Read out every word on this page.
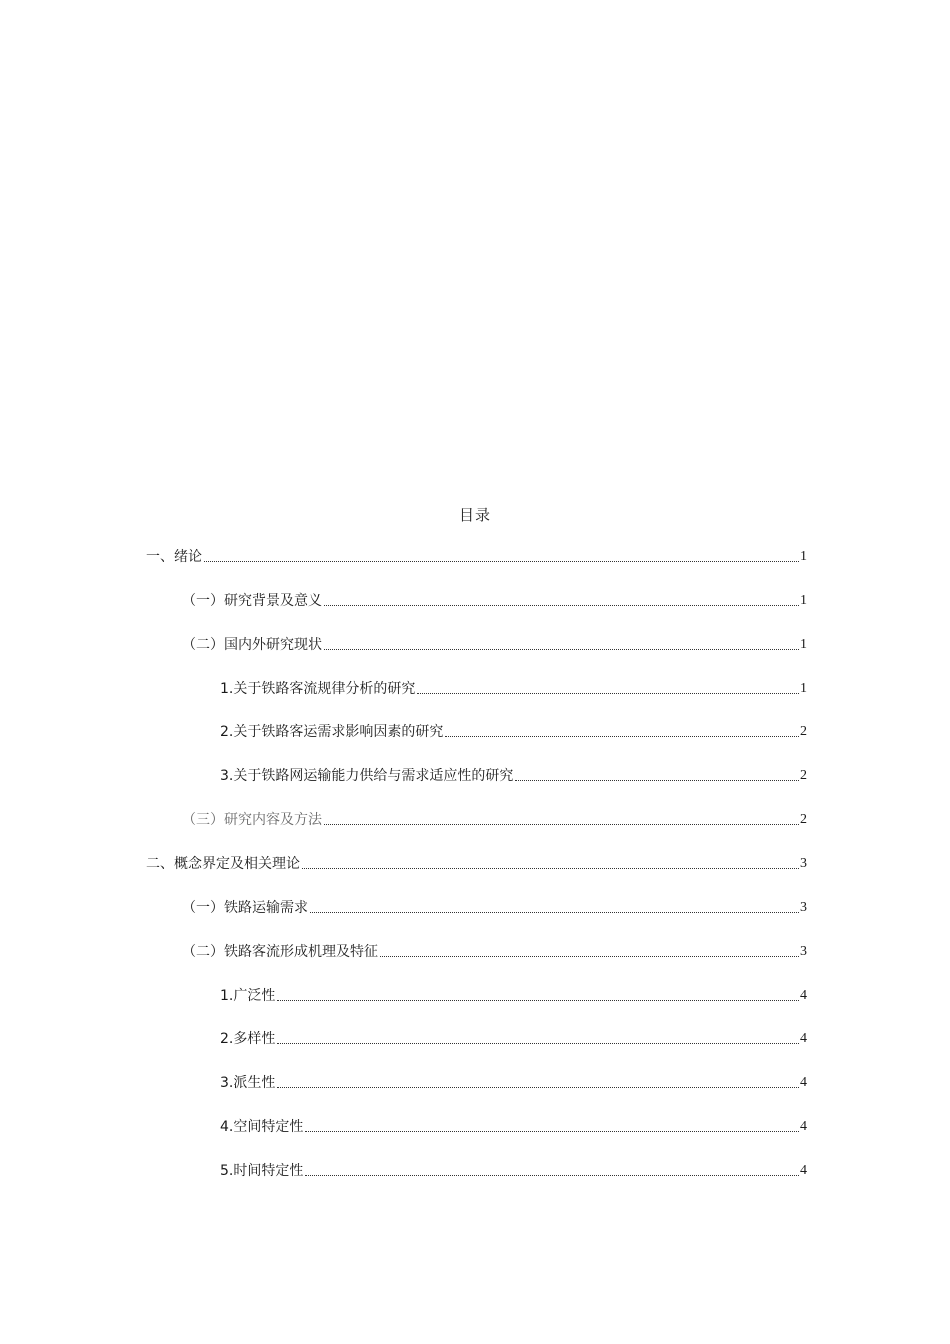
目录
一、绪论	1
（一）研究背景及意义	1
（二）国内外研究现状	1
1.关于铁路客流规律分析的研究	1
2.关于铁路客运需求影响因素的研究	2
3.关于铁路网运输能力供给与需求适应性的研究	2
（三）研究内容及方法	2
二、概念界定及相关理论	3
（一）铁路运输需求	3
（二）铁路客流形成机理及特征	3
1.广泛性	4
2.多样性	4
3.派生性	4
4.空间特定性	4
5.时间特定性	4
